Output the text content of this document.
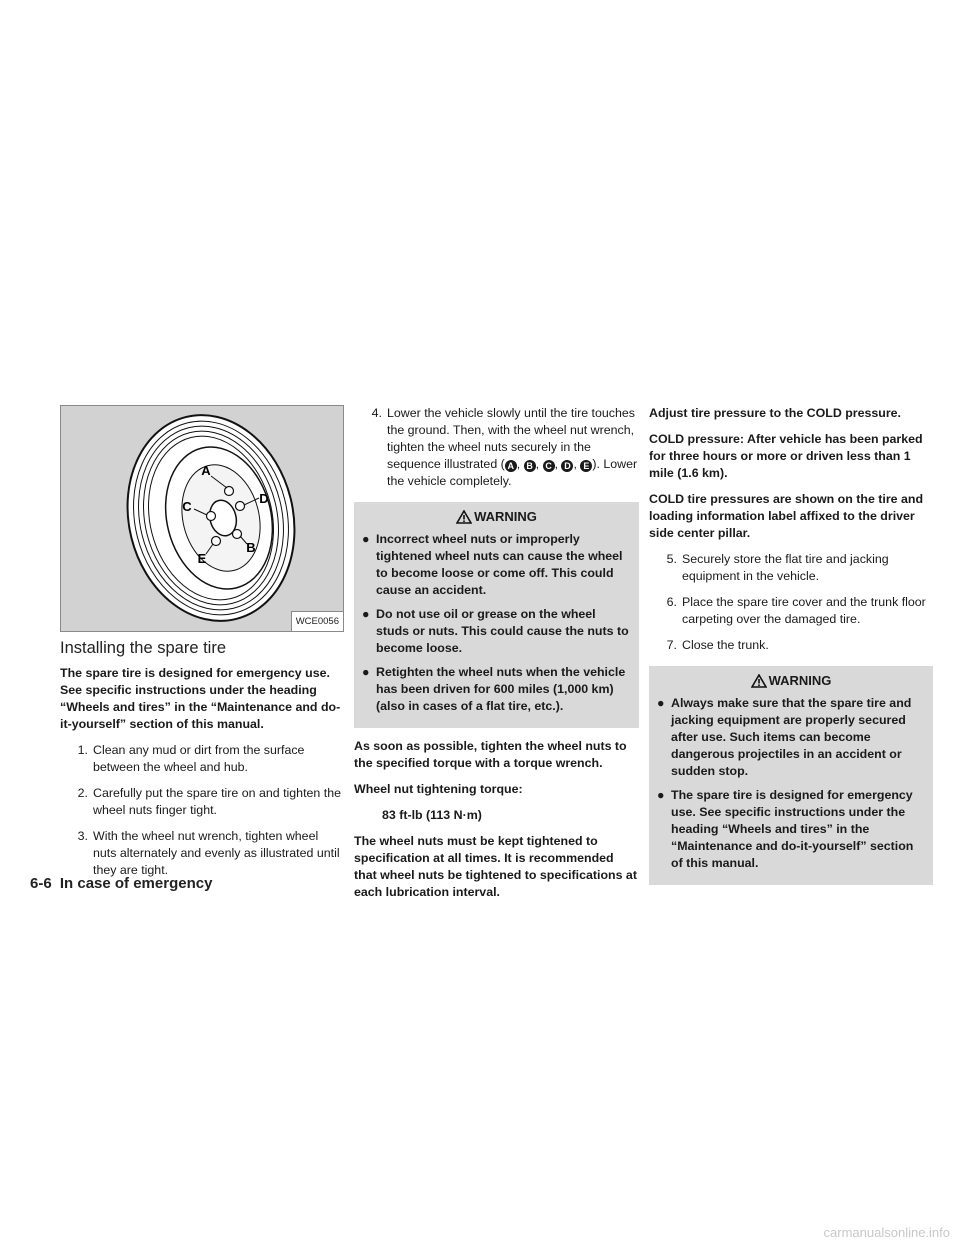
A
D
B
C
E
WCE0056
Installing the spare tire

The spare tire is designed for emergency use. See specific instructions under the heading “Wheels and tires” in the “Maintenance and do-it-yourself” section of this manual.

1. Clean any mud or dirt from the surface between the wheel and hub.
2. Carefully put the spare tire on and tighten the wheel nuts finger tight.
3. With the wheel nut wrench, tighten wheel nuts alternately and evenly as illustrated until they are tight.
4. Lower the vehicle slowly until the tire touches the ground. Then, with the wheel nut wrench, tighten the wheel nuts securely in the sequence illustrated ( A , B , C , D , E ). Lower the vehicle completely.
WARNING
● Incorrect wheel nuts or improperly tightened wheel nuts can cause the wheel to become loose or come off. This could cause an accident.
● Do not use oil or grease on the wheel studs or nuts. This could cause the nuts to become loose.
● Retighten the wheel nuts when the vehicle has been driven for 600 miles (1,000 km) (also in cases of a flat tire, etc.).

As soon as possible, tighten the wheel nuts to the specified torque with a torque wrench.

Wheel nut tightening torque:

83 ft-lb (113 N·m)

The wheel nuts must be kept tightened to specification at all times. It is recommended that wheel nuts be tightened to specifications at each lubrication interval.

Adjust tire pressure to the COLD pressure.

COLD pressure: After vehicle has been parked for three hours or more or driven less than 1 mile (1.6 km).

COLD tire pressures are shown on the tire and loading information label affixed to the driver side center pillar.

5. Securely store the flat tire and jacking equipment in the vehicle.
6. Place the spare tire cover and the trunk floor carpeting over the damaged tire.
7. Close the trunk.
WARNING
● Always make sure that the spare tire and jacking equipment are properly secured after use. Such items can become dangerous projectiles in an accident or sudden stop.
● The spare tire is designed for emergency use. See specific instructions under the heading “Wheels and tires” in the “Maintenance and do-it-yourself” section of this manual.
6-6 In case of emergency
carmanualsonline.info
